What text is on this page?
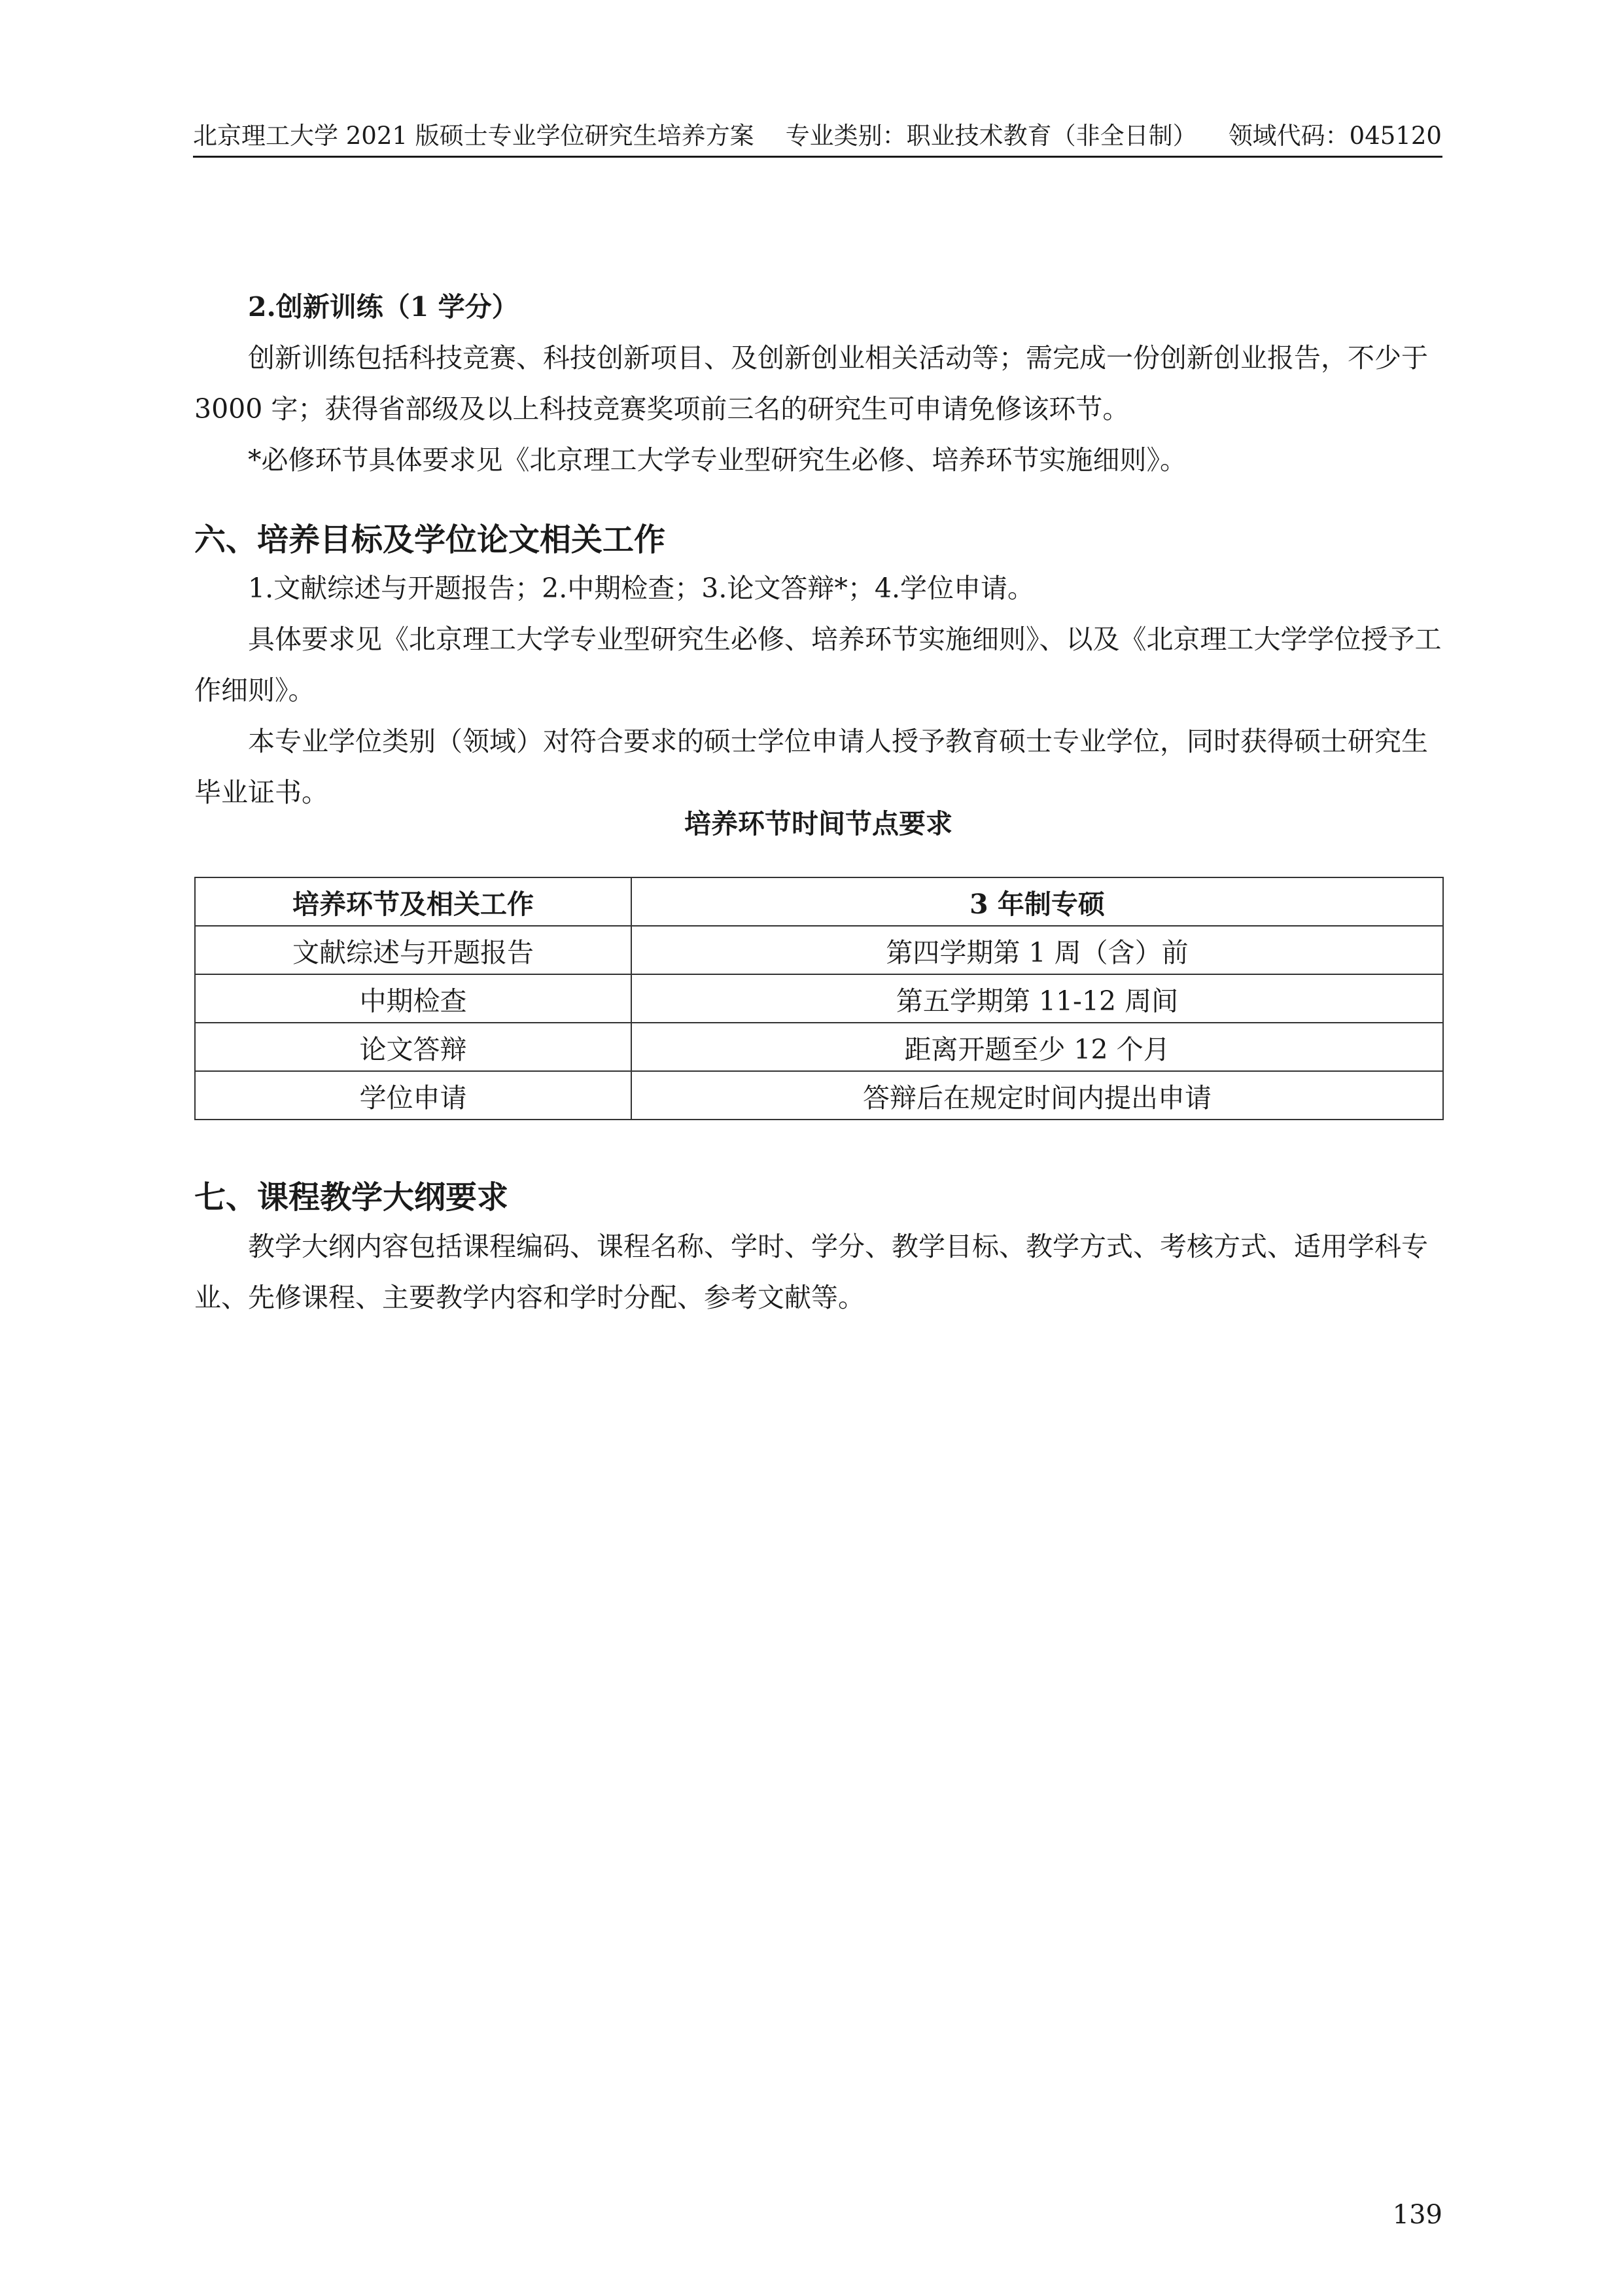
北京理工大学 2021 版硕士专业学位研究生培养方案 专业类别：职业技术教育（非全日制） 领域代码：045120

2.创新训练（1 学分）

创新训练包括科技竞赛、科技创新项目、及创新创业相关活动等；需完成一份创新创业报告，不少于 3000 字；获得省部级及以上科技竞赛奖项前三名的研究生可申请免修该环节。

*必修环节具体要求见《北京理工大学专业型研究生必修、培养环节实施细则》。

六、培养目标及学位论文相关工作

1.文献综述与开题报告；2.中期检查；3.论文答辩*；4.学位申请。

具体要求见《北京理工大学专业型研究生必修、培养环节实施细则》、以及《北京理工大学学位授予工作细则》。

本专业学位类别（领域）对符合要求的硕士学位申请人授予教育硕士专业学位，同时获得硕士研究生毕业证书。

培养环节时间节点要求
培养环节及相关工作	3 年制专硕
文献综述与开题报告	第四学期第 1 周（含）前
中期检查	第五学期第 11-12 周间
论文答辩	距离开题至少 12 个月
学位申请	答辩后在规定时间内提出申请
七、课程教学大纲要求

教学大纲内容包括课程编码、课程名称、学时、学分、教学目标、教学方式、考核方式、适用学科专业、先修课程、主要教学内容和学时分配、参考文献等。

139
